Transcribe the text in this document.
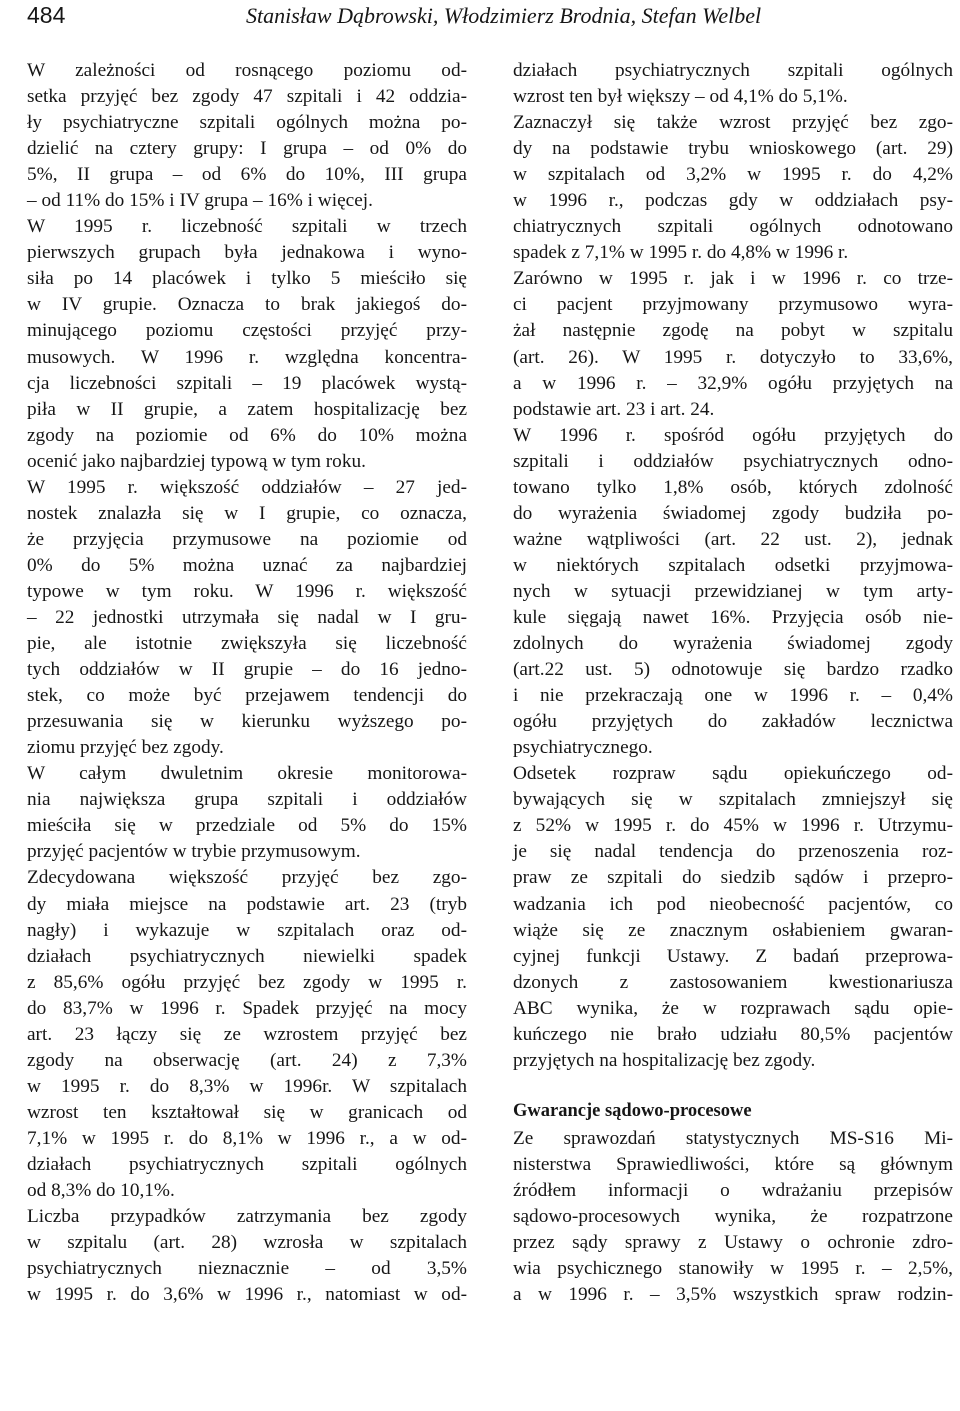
484	Stanisław Dąbrowski, Włodzimierz Brodnia, Stefan Welbel
W zależności od rosnącego poziomu od-
setka przyjęć bez zgody 47 szpitali i 42 oddzia-
ły psychiatryczne szpitali ogólnych można po-
dzielić na cztery grupy: I grupa – od 0% do
5%, II grupa – od 6% do 10%, III grupa
– od 11% do 15% i IV grupa – 16% i więcej.
W 1995 r. liczebność szpitali w trzech
pierwszych grupach była jednakowa i wyno-
siła po 14 placówek i tylko 5 mieściło się
w IV grupie. Oznacza to brak jakiegoś do-
minującego poziomu częstości przyjęć przy-
musowych. W 1996 r. względna koncentra-
cja liczebności szpitali – 19 placówek wystą-
piła w II grupie, a zatem hospitalizację bez
zgody na poziomie od 6% do 10% można
ocenić jako najbardziej typową w tym roku.
W 1995 r. większość oddziałów – 27 jed-
nostek znalazła się w I grupie, co oznacza,
że przyjęcia przymusowe na poziomie od
0% do 5% można uznać za najbardziej
typowe w tym roku. W 1996 r. większość
– 22 jednostki utrzymała się nadal w I gru-
pie, ale istotnie zwiększyła się liczebność
tych oddziałów w II grupie – do 16 jedno-
stek, co może być przejawem tendencji do
przesuwania się w kierunku wyższego po-
ziomu przyjęć bez zgody.
W całym dwuletnim okresie monitorowa-
nia największa grupa szpitali i oddziałów
mieściła się w przedziale od 5% do 15%
przyjęć pacjentów w trybie przymusowym.
Zdecydowana większość przyjęć bez zgo-
dy miała miejsce na podstawie art. 23 (tryb
nagły) i wykazuje w szpitalach oraz od-
działach psychiatrycznych niewielki spadek
z 85,6% ogółu przyjęć bez zgody w 1995 r.
do 83,7% w 1996 r. Spadek przyjęć na mocy
art. 23 łączy się ze wzrostem przyjęć bez
zgody na obserwację (art. 24) z 7,3%
w 1995 r. do 8,3% w 1996r. W szpitalach
wzrost ten kształtował się w granicach od
7,1% w 1995 r. do 8,1% w 1996 r., a w od-
działach psychiatrycznych szpitali ogólnych
od 8,3% do 10,1%.
Liczba przypadków zatrzymania bez zgody
w szpitalu (art. 28) wzrosła w szpitalach
psychiatrycznych nieznacznie – od 3,5%
w 1995 r. do 3,6% w 1996 r., natomiast w od-
działach psychiatrycznych szpitali ogólnych
wzrost ten był większy – od 4,1% do 5,1%.
Zaznaczył się także wzrost przyjęć bez zgo-
dy na podstawie trybu wnioskowego (art. 29)
w szpitalach od 3,2% w 1995 r. do 4,2%
w 1996 r., podczas gdy w oddziałach psy-
chiatrycznych szpitali ogólnych odnotowano
spadek z 7,1% w 1995 r. do 4,8% w 1996 r.
Zarówno w 1995 r. jak i w 1996 r. co trze-
ci pacjent przyjmowany przymusowo wyra-
żał następnie zgodę na pobyt w szpitalu
(art. 26). W 1995 r. dotyczyło to 33,6%,
a w 1996 r. – 32,9% ogółu przyjętych na
podstawie art. 23 i art. 24.
W 1996 r. spośród ogółu przyjętych do
szpitali i oddziałów psychiatrycznych odno-
towano tylko 1,8% osób, których zdolność
do wyrażenia świadomej zgody budziła po-
ważne wątpliwości (art. 22 ust. 2), jednak
w niektórych szpitalach odsetki przyjmowa-
nych w sytuacji przewidzianej w tym arty-
kule sięgają nawet 16%. Przyjęcia osób nie-
zdolnych do wyrażenia świadomej zgody
(art.22 ust. 5) odnotowuje się bardzo rzadko
i nie przekraczają one w 1996 r. – 0,4%
ogółu przyjętych do zakładów lecznictwa
psychiatrycznego.
Odsetek rozpraw sądu opiekuńczego od-
bywających się w szpitalach zmniejszył się
z 52% w 1995 r. do 45% w 1996 r. Utrzymu-
je się nadal tendencja do przenoszenia roz-
praw ze szpitali do siedzib sądów i przepro-
wadzania ich pod nieobecność pacjentów, co
wiąże się ze znacznym osłabieniem gwaran-
cyjnej funkcji Ustawy. Z badań przeprowa-
dzonych z zastosowaniem kwestionariusza
ABC wynika, że w rozprawach sądu opie-
kuńczego nie brało udziału 80,5% pacjentów
przyjętych na hospitalizację bez zgody.
Gwarancje sądowo-procesowe
Ze sprawozdań statystycznych MS-S16 Mi-
nisterstwa Sprawiedliwości, które są głównym
źródłem informacji o wdrażaniu przepisów
sądowo-procesowych wynika, że rozpatrzone
przez sądy sprawy z Ustawy o ochronie zdro-
wia psychicznego stanowiły w 1995 r. – 2,5%,
a w 1996 r. – 3,5% wszystkich spraw rodzin-
